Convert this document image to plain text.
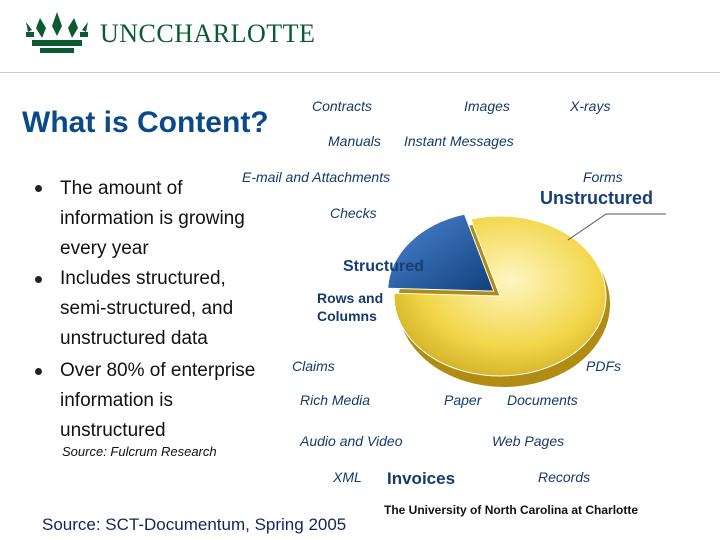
UNCCHARLOTTE
What is Content?
The amount of information is growing every year
Includes structured, semi-structured, and unstructured data
Over 80% of enterprise information is unstructured
Source: Fulcrum Research
Unstructured
Structured
Contracts	Images	X-rays
Manuals Instant Messages
E-mail and Attachments	Forms
Checks
Rows and Columns
Claims	PDFs
Rich Media	Paper Documents
Audio and Video	Web Pages
XML Invoices	Records
Source: SCT-Documentum, Spring 2005
The University of North Carolina at Charlotte
